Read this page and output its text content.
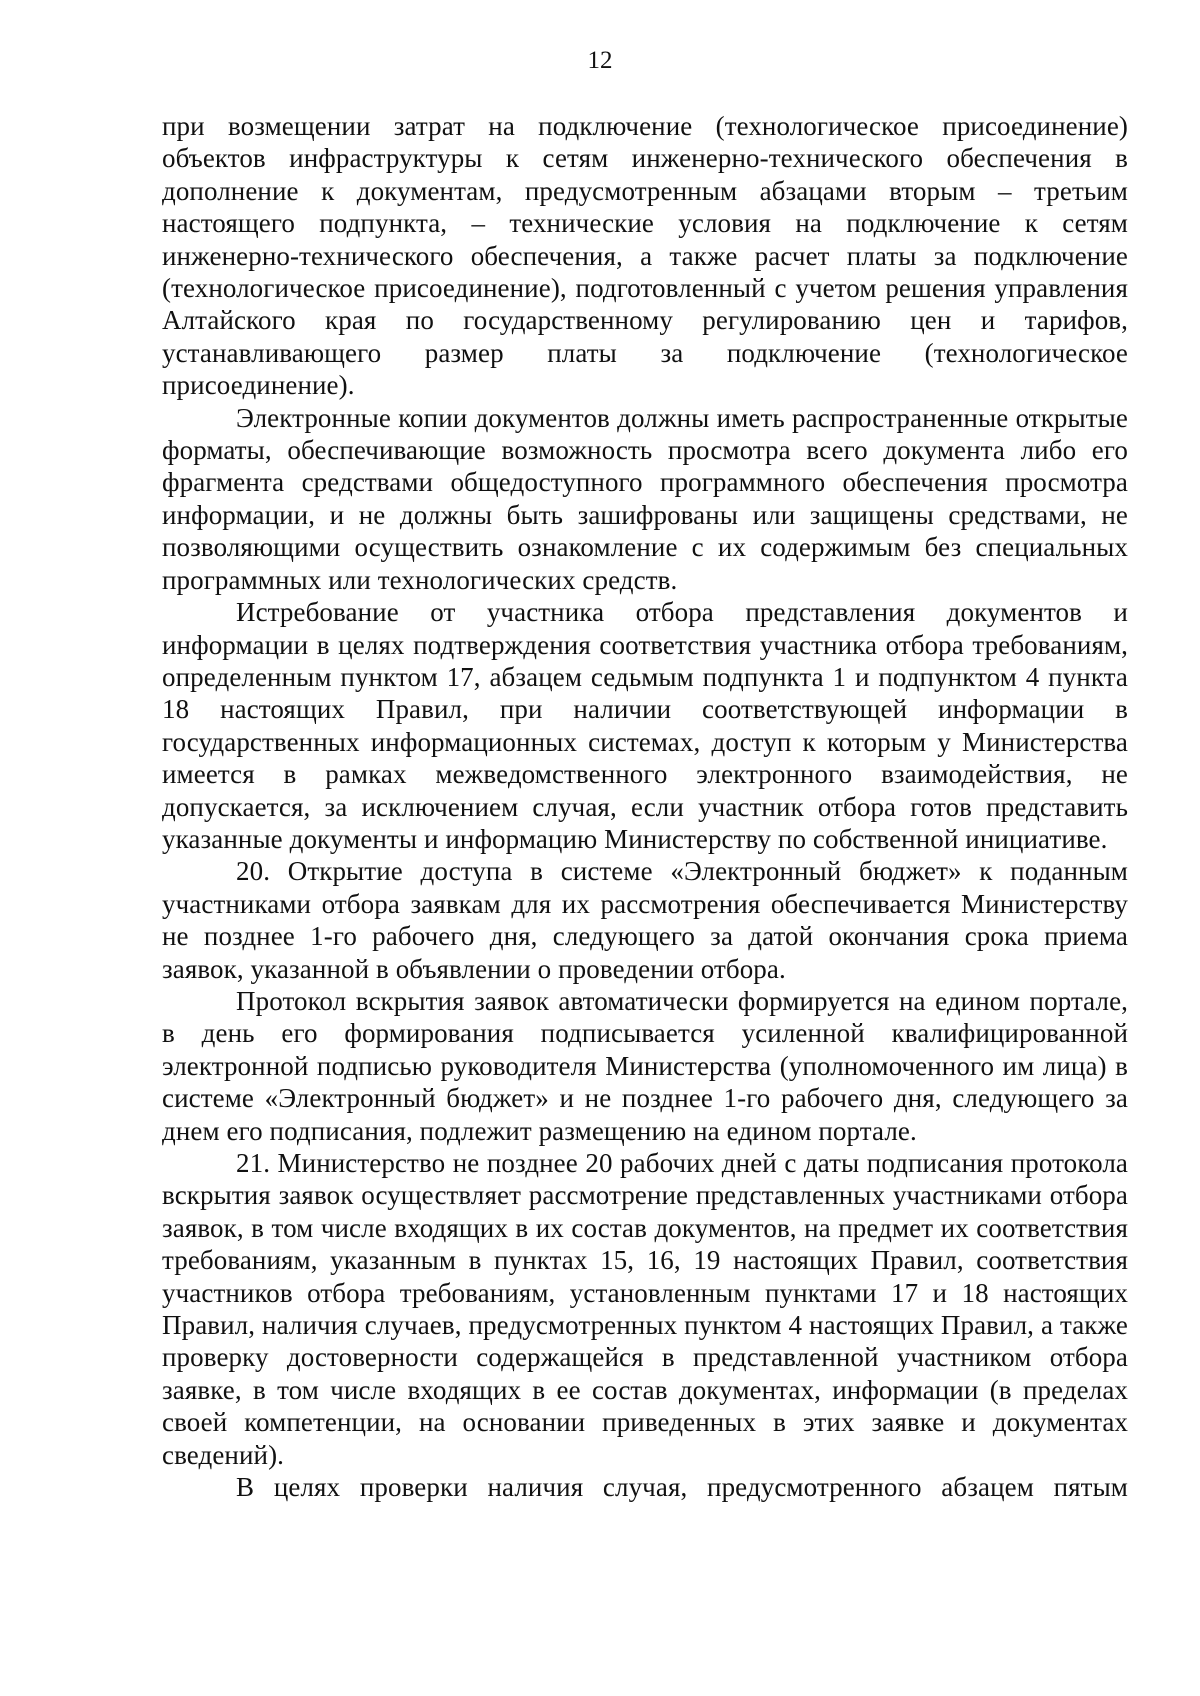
12

при возмещении затрат на подключение (технологическое присоединение) объектов инфраструктуры к сетям инженерно-технического обеспечения в дополнение к документам, предусмотренным абзацами вторым – третьим настоящего подпункта, – технические условия на подключение к сетям инженерно-технического обеспечения, а также расчет платы за подключение (технологическое присоединение), подготовленный с учетом решения управления Алтайского края по государственному регулированию цен и тарифов, устанавливающего размер платы за подключение (технологическое присоединение).

Электронные копии документов должны иметь распространенные открытые форматы, обеспечивающие возможность просмотра всего документа либо его фрагмента средствами общедоступного программного обеспечения просмотра информации, и не должны быть зашифрованы или защищены средствами, не позволяющими осуществить ознакомление с их содержимым без специальных программных или технологических средств.

Истребование от участника отбора представления документов и информации в целях подтверждения соответствия участника отбора требованиям, определенным пунктом 17, абзацем седьмым подпункта 1 и подпунктом 4 пункта 18 настоящих Правил, при наличии соответствующей информации в государственных информационных системах, доступ к которым у Министерства имеется в рамках межведомственного электронного взаимодействия, не допускается, за исключением случая, если участник отбора готов представить указанные документы и информацию Министерству по собственной инициативе.

20. Открытие доступа в системе «Электронный бюджет» к поданным участниками отбора заявкам для их рассмотрения обеспечивается Министерству не позднее 1-го рабочего дня, следующего за датой окончания срока приема заявок, указанной в объявлении о проведении отбора.

Протокол вскрытия заявок автоматически формируется на едином портале, в день его формирования подписывается усиленной квалифицированной электронной подписью руководителя Министерства (уполномоченного им лица) в системе «Электронный бюджет» и не позднее 1-го рабочего дня, следующего за днем его подписания, подлежит размещению на едином портале.

21. Министерство не позднее 20 рабочих дней с даты подписания протокола вскрытия заявок осуществляет рассмотрение представленных участниками отбора заявок, в том числе входящих в их состав документов, на предмет их соответствия требованиям, указанным в пунктах 15, 16, 19 настоящих Правил, соответствия участников отбора требованиям, установленным пунктами 17 и 18 настоящих Правил, наличия случаев, предусмотренных пунктом 4 настоящих Правил, а также проверку достоверности содержащейся в представленной участником отбора заявке, в том числе входящих в ее состав документах, информации (в пределах своей компетенции, на основании приведенных в этих заявке и документах сведений).

В целях проверки наличия случая, предусмотренного абзацем пятым
